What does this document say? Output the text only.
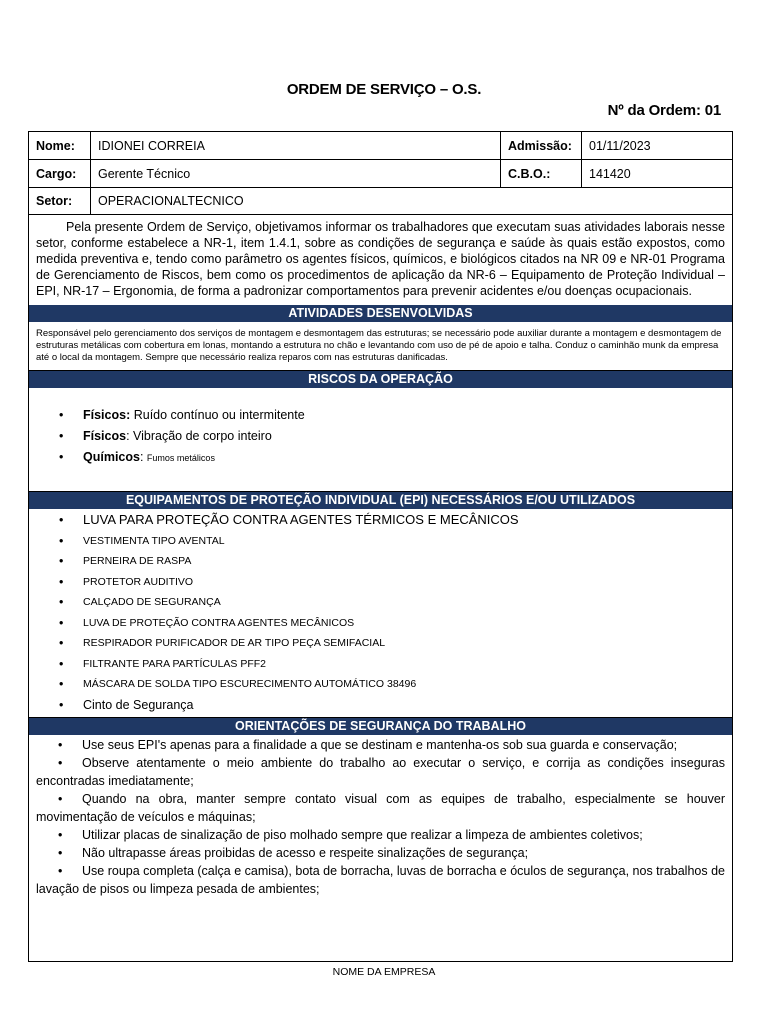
ORDEM DE SERVIÇO – O.S.
Nº da Ordem: 01
Nome:	IDIONEI CORREIA	Admissão:	01/11/2023
Cargo:	Gerente Técnico	C.B.O.:	141420
Setor:	OPERACIONALTECNICO
Pela presente Ordem de Serviço, objetivamos informar os trabalhadores que executam suas atividades laborais nesse setor, conforme estabelece a NR-1, item 1.4.1, sobre as condições de segurança e saúde às quais estão expostos, como medida preventiva e, tendo como parâmetro os agentes físicos, químicos, e biológicos citados na NR 09 e NR-01 Programa de Gerenciamento de Riscos, bem como os procedimentos de aplicação da NR-6 – Equipamento de Proteção Individual – EPI, NR-17 – Ergonomia, de forma a padronizar comportamentos para prevenir acidentes e/ou doenças ocupacionais.
ATIVIDADES DESENVOLVIDAS
Responsável pelo gerenciamento dos serviços de montagem e desmontagem das estruturas; se necessário pode auxiliar durante a montagem e desmontagem de estruturas metálicas com cobertura em lonas, montando a estrutura no chão e levantando com uso de pé de apoio e talha. Conduz o caminhão munk da empresa até o local da montagem. Sempre que necessário realiza reparos com nas estruturas danificadas.
RISCOS DA OPERAÇÃO
• Físicos: Ruído contínuo ou intermitente
• Físicos: Vibração de corpo inteiro
• Químicos: Fumos metálicos
EQUIPAMENTOS DE PROTEÇÃO INDIVIDUAL (EPI) NECESSÁRIOS E/OU UTILIZADOS
• LUVA PARA PROTEÇÃO CONTRA AGENTES TÉRMICOS E MECÂNICOS
• VESTIMENTA TIPO AVENTAL
• PERNEIRA DE RASPA
• PROTETOR AUDITIVO
• CALÇADO DE SEGURANÇA
• LUVA DE PROTEÇÃO CONTRA AGENTES MECÂNICOS
• RESPIRADOR PURIFICADOR DE AR TIPO PEÇA SEMIFACIAL
• FILTRANTE PARA PARTÍCULAS PFF2
• MÁSCARA DE SOLDA TIPO ESCURECIMENTO AUTOMÁTICO 38496
• Cinto de Segurança
ORIENTAÇÕES DE SEGURANÇA DO TRABALHO

• Use seus EPI's apenas para a finalidade a que se destinam e mantenha-os sob sua guarda e conservação;

• Observe atentamente o meio ambiente do trabalho ao executar o serviço, e corrija as condições inseguras encontradas imediatamente;

• Quando na obra, manter sempre contato visual com as equipes de trabalho, especialmente se houver movimentação de veículos e máquinas;

• Utilizar placas de sinalização de piso molhado sempre que realizar a limpeza de ambientes coletivos;

• Não ultrapasse áreas proibidas de acesso e respeite sinalizações de segurança;

• Use roupa completa (calça e camisa), bota de borracha, luvas de borracha e óculos de segurança, nos trabalhos de lavação de pisos ou limpeza pesada de ambientes;

NOME DA EMPRESA
